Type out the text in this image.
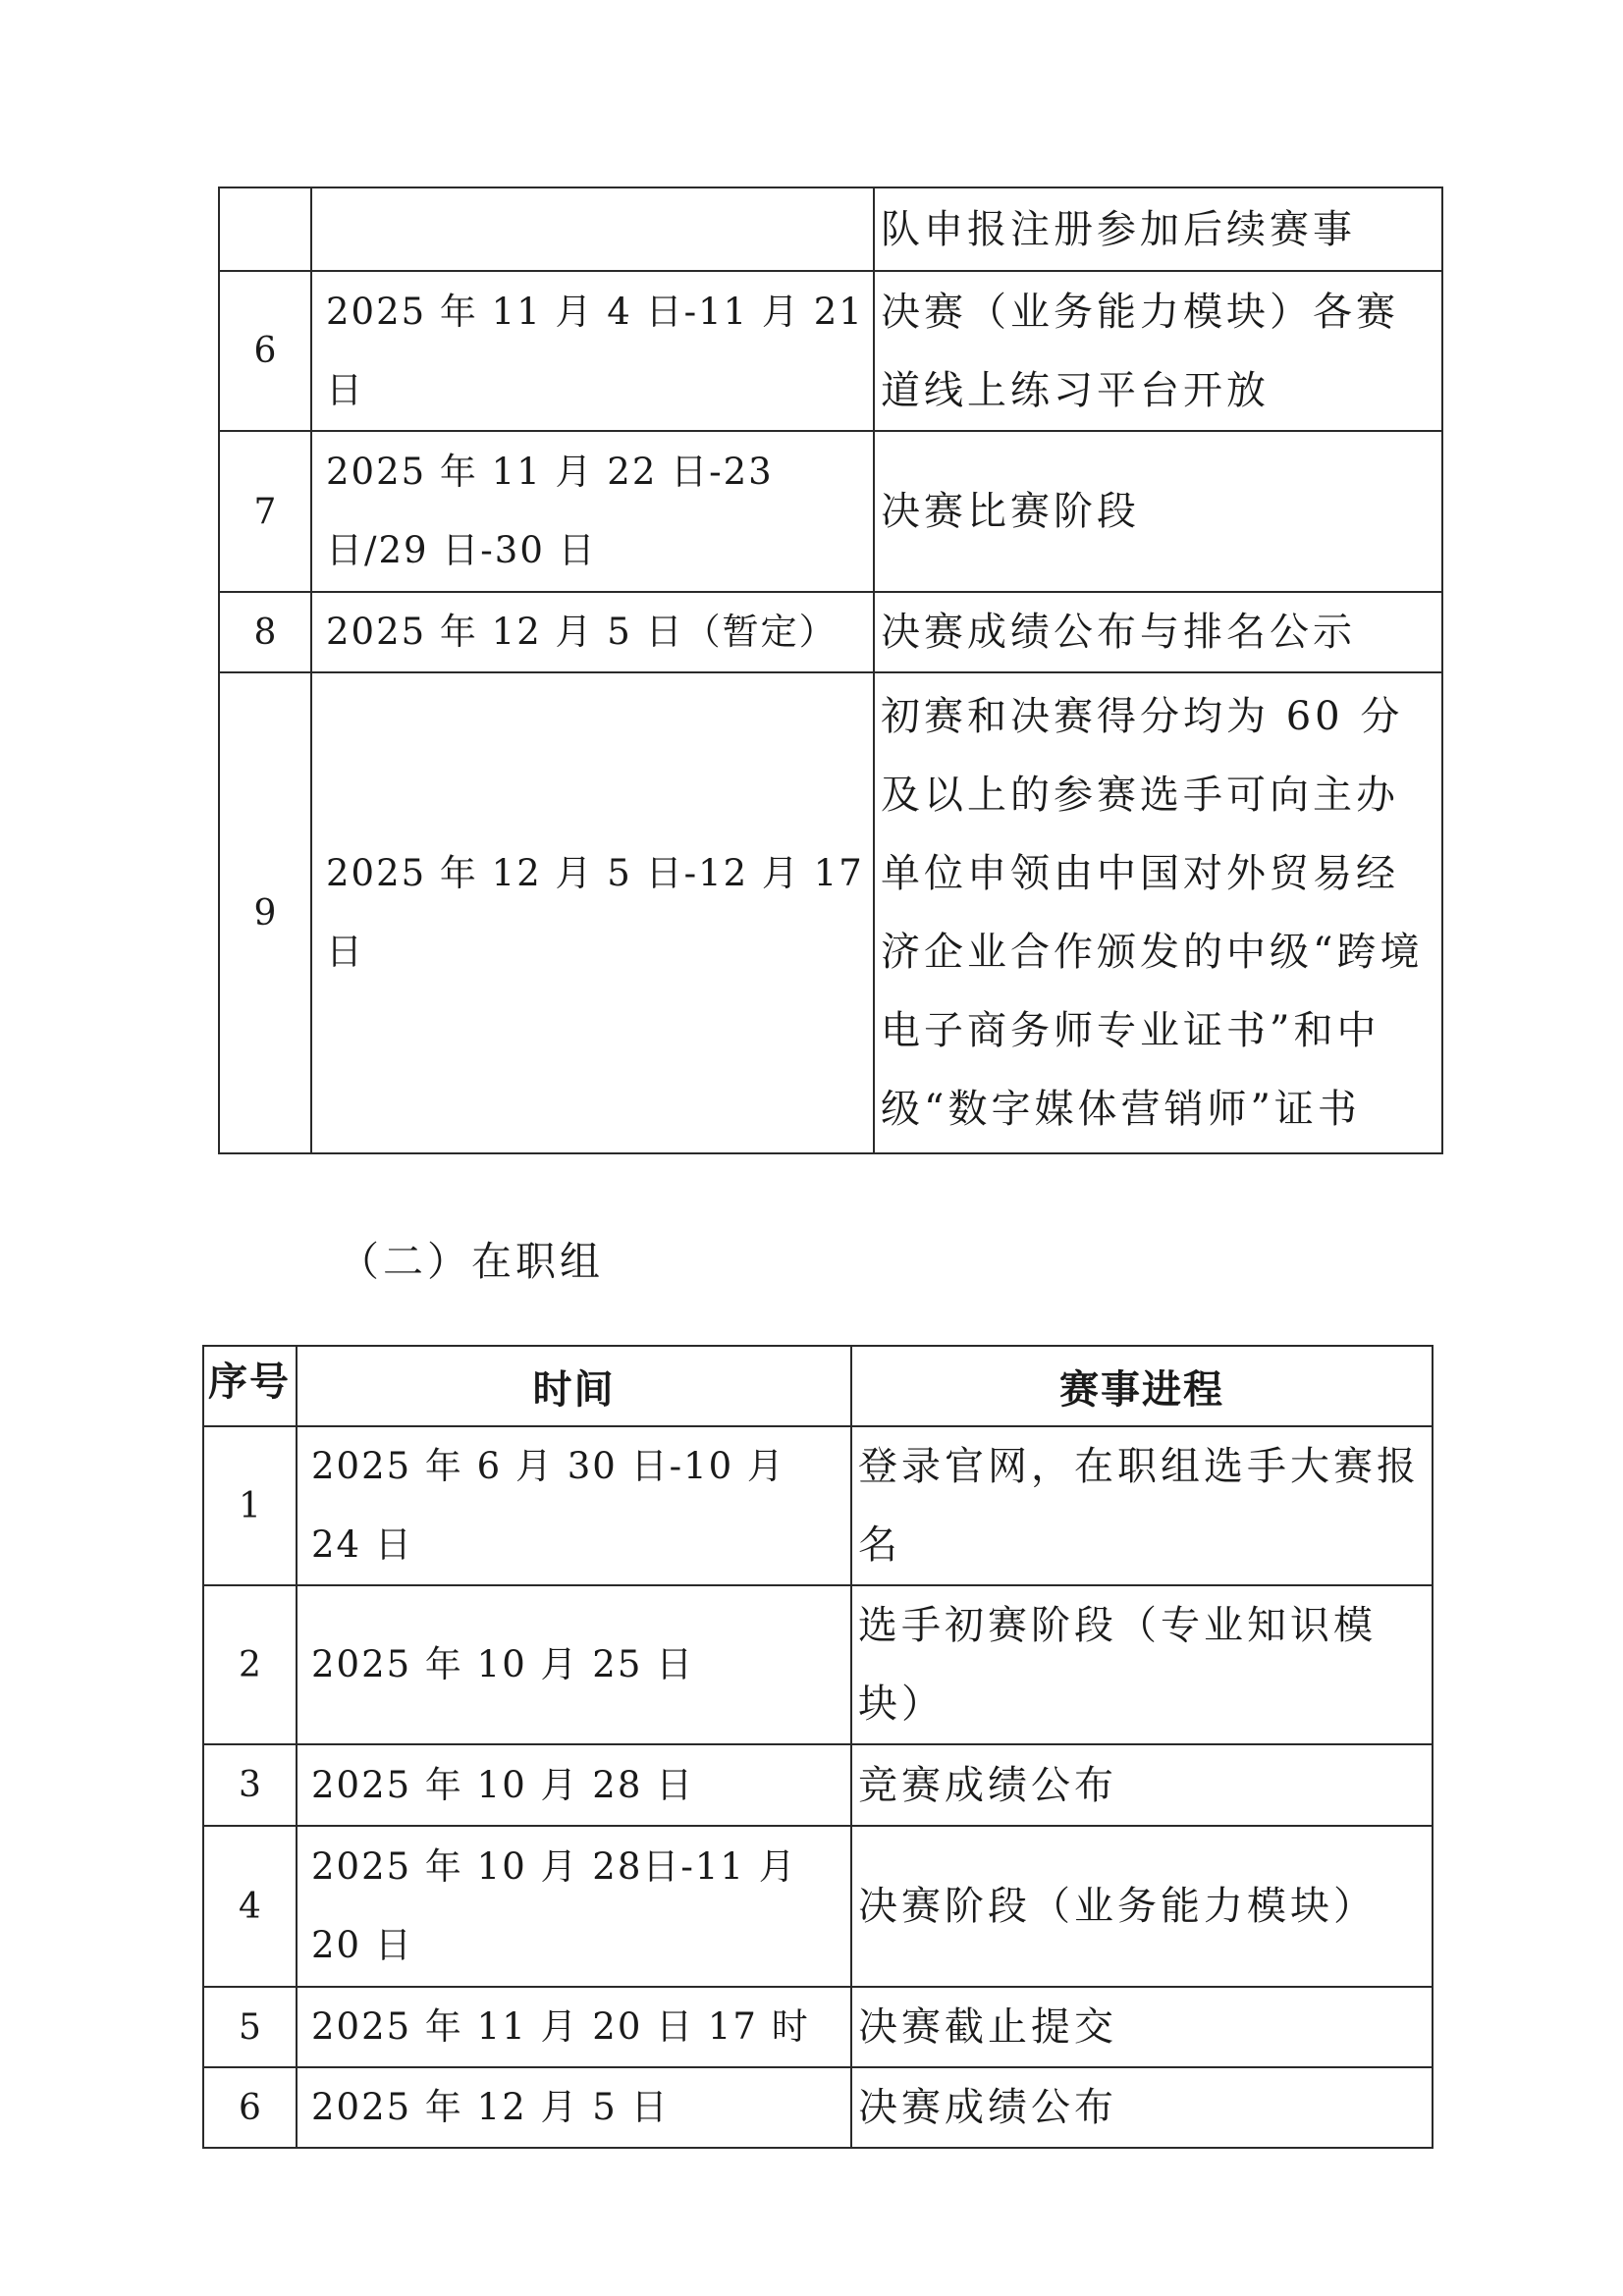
		队申报注册参加后续赛事
6	2025 年 11 月 4 日-11 月 21 日	决赛（业务能力模块）各赛道线上练习平台开放
7	2025 年 11 月 22 日-23 日/29 日-30 日	决赛比赛阶段
8	2025 年 12 月 5 日（暂定）	决赛成绩公布与排名公示
9	2025 年 12 月 5 日-12 月 17 日	初赛和决赛得分均为 60 分及以上的参赛选手可向主办单位申领由中国对外贸易经济企业合作颁发的中级“跨境电子商务师专业证书”和中级“数字媒体营销师”证书
（二）在职组
序号	时间	赛事进程
1	2025 年 6 月 30 日-10 月 24 日	登录官网，在职组选手大赛报名
2	2025 年 10 月 25 日	选手初赛阶段（专业知识模块）
3	2025 年 10 月 28 日	竞赛成绩公布
4	2025 年 10 月 28日-11 月 20 日	决赛阶段（业务能力模块）
5	2025 年 11 月 20 日 17 时	决赛截止提交
6	2025 年 12 月 5 日	决赛成绩公布
